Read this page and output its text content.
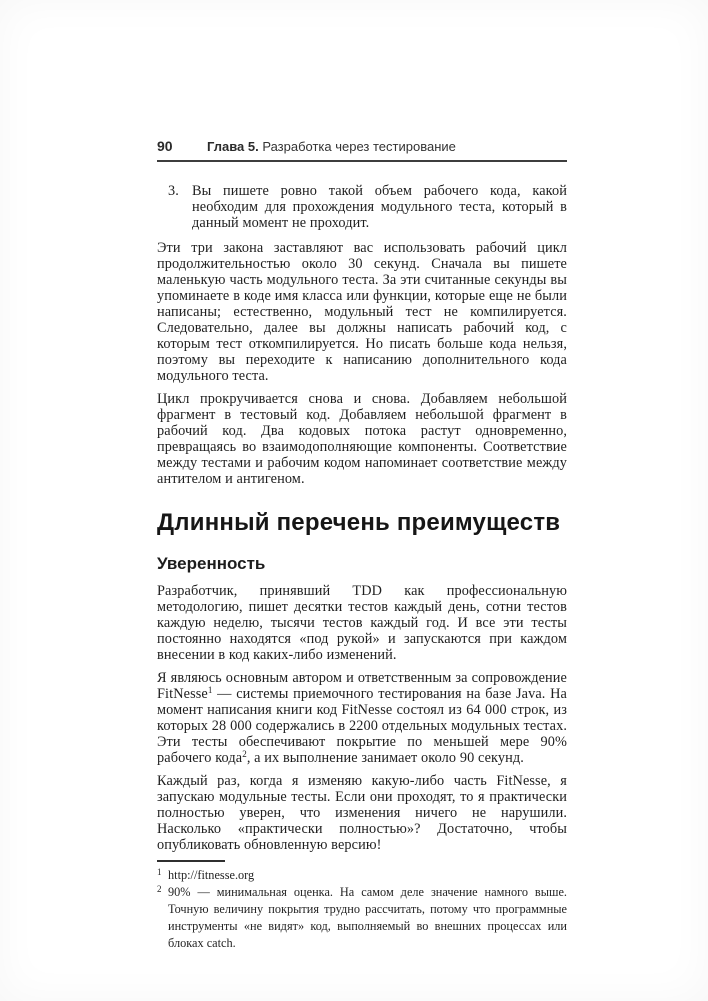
90	Глава 5. Разработка через тестирование
3. Вы пишете ровно такой объем рабочего кода, какой необходим для прохождения модульного теста, который в данный момент не проходит.

Эти три закона заставляют вас использовать рабочий цикл продолжительностью около 30 секунд. Сначала вы пишете маленькую часть модульного теста. За эти считанные секунды вы упоминаете в коде имя класса или функции, которые еще не были написаны; естественно, модульный тест не компилируется. Следовательно, далее вы должны написать рабочий код, с которым тест откомпилируется. Но писать больше кода нельзя, поэтому вы переходите к написанию дополнительного кода модульного теста.

Цикл прокручивается снова и снова. Добавляем небольшой фрагмент в тестовый код. Добавляем небольшой фрагмент в рабочий код. Два кодовых потока растут одновременно, превращаясь во взаимодополняющие компоненты. Соответствие между тестами и рабочим кодом напоминает соответствие между антителом и антигеном.

Длинный перечень преимуществ
Уверенность

Разработчик, принявший TDD как профессиональную методологию, пишет десятки тестов каждый день, сотни тестов каждую неделю, тысячи тестов каждый год. И все эти тесты постоянно находятся «под рукой» и запускаются при каждом внесении в код каких-либо изменений.

Я являюсь основным автором и ответственным за сопровождение FitNesse$^1$ — системы приемочного тестирования на базе Java. На момент написания книги код FitNesse состоял из 64 000 строк, из которых 28 000 содержались в 2200 отдельных модульных тестах. Эти тесты обеспечивают покрытие по меньшей мере 90% рабочего кода$^2$, а их выполнение занимает около 90 секунд.

Каждый раз, когда я изменяю какую-либо часть FitNesse, я запускаю модульные тесты. Если они проходят, то я практически полностью уверен, что изменения ничего не нарушили. Насколько «практически полностью»? Достаточно, чтобы опубликовать обновленную версию!

1 http://fitnesse.org
2 90% — минимальная оценка. На самом деле значение намного выше. Точную величину покрытия трудно рассчитать, потому что программные инструменты «не видят» код, выполняемый во внешних процессах или блоках catch.
